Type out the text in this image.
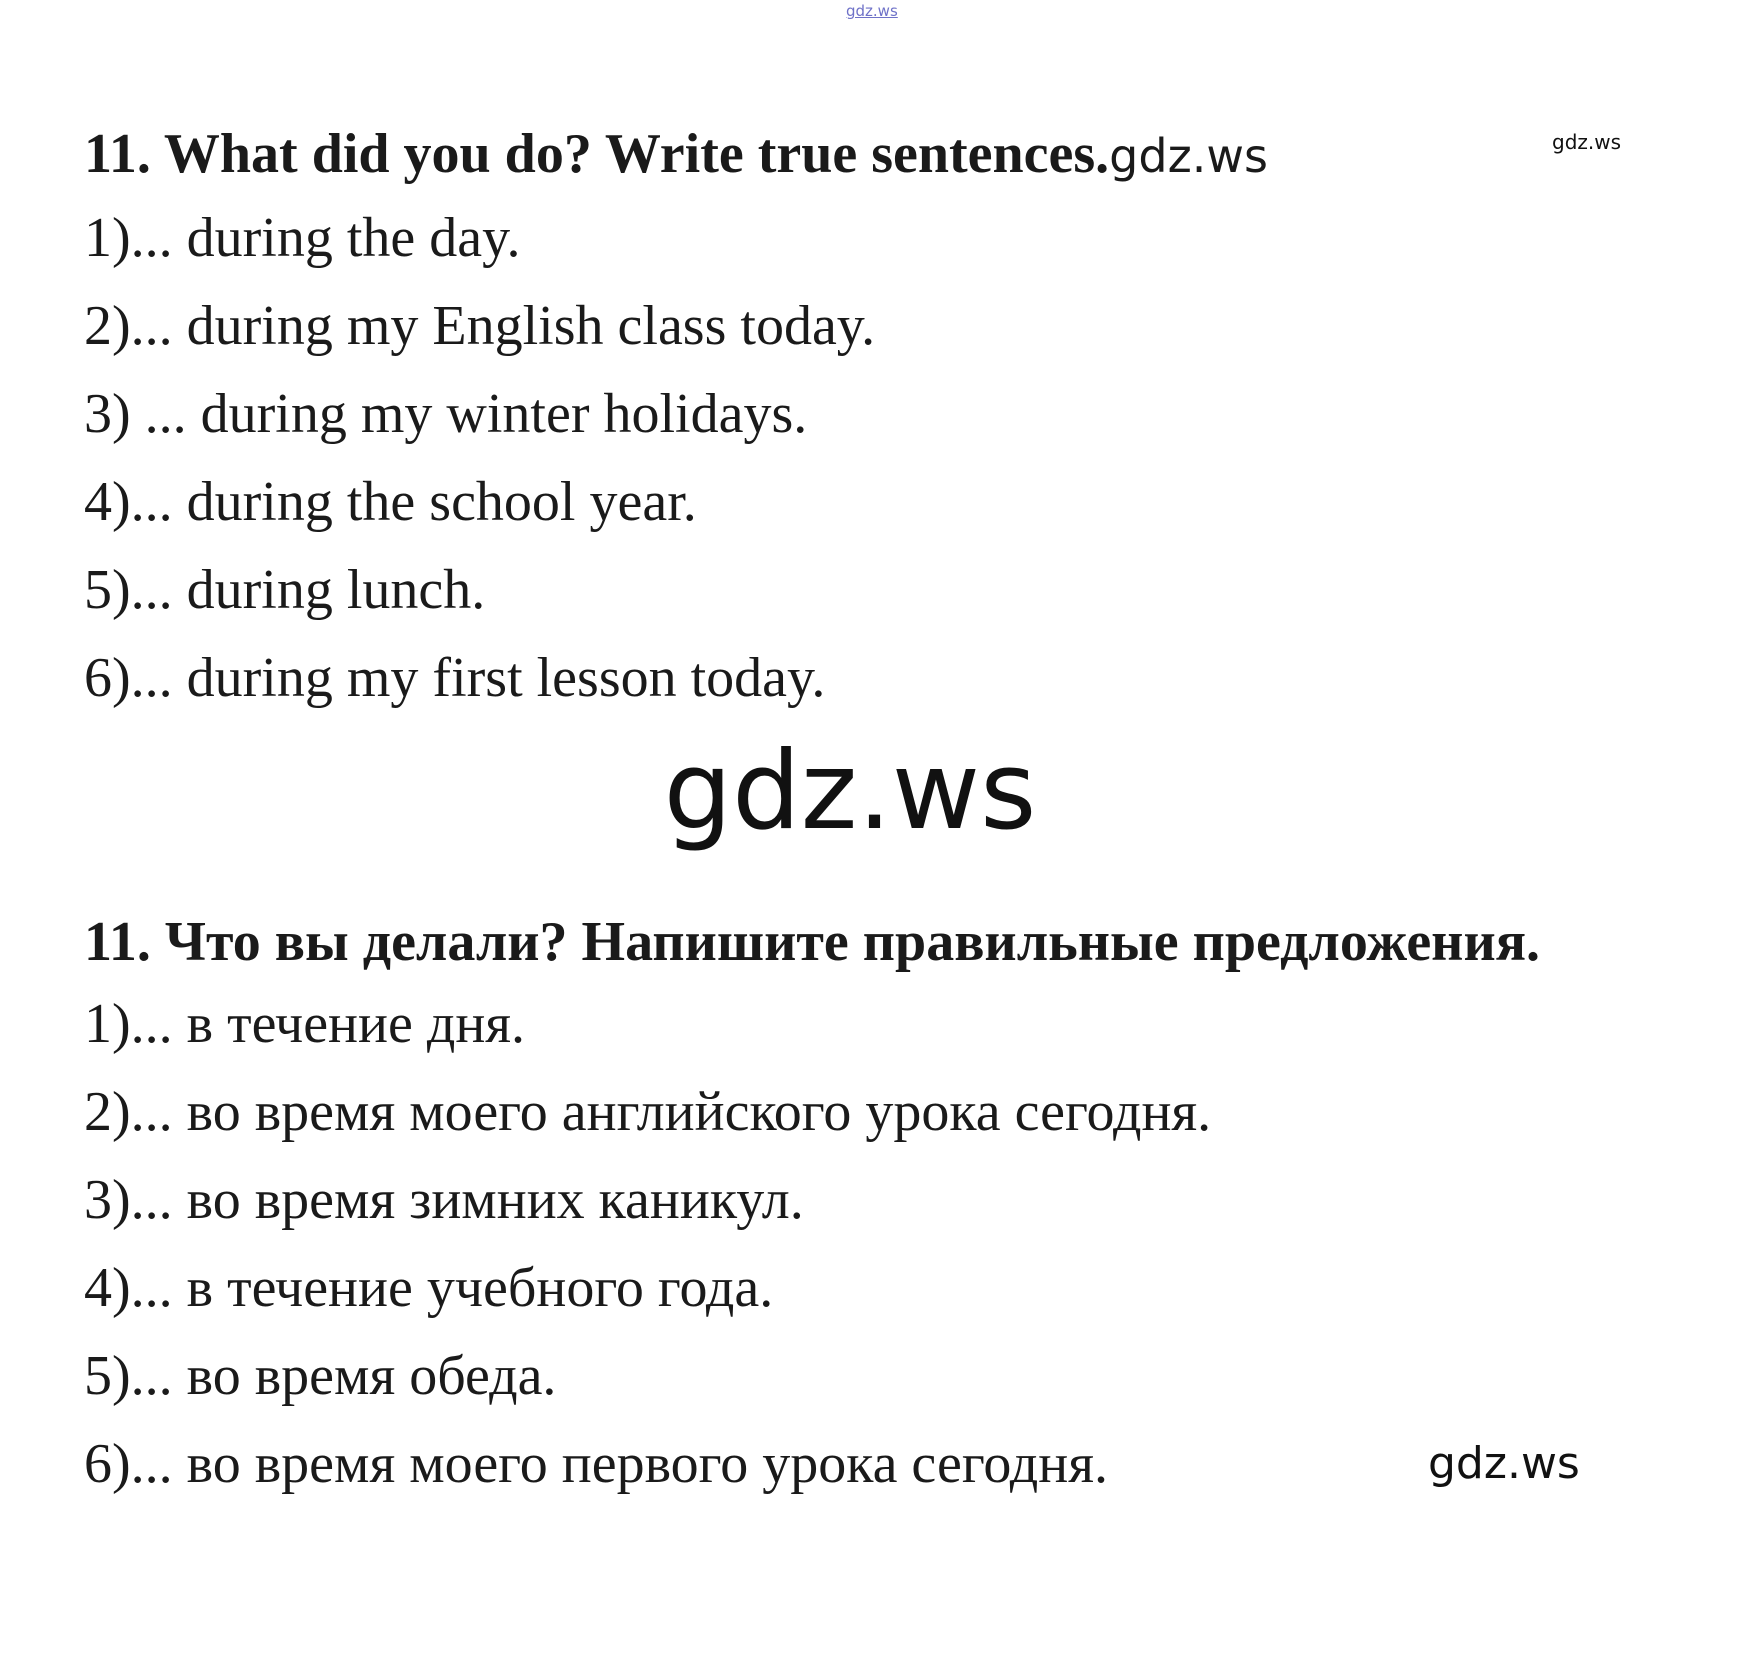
gdz.ws
gdz.ws
11. What did you do? Write true sentences.gdz.ws
1)... during the day.
2)... during my English class today.
3) ... during my winter holidays.
4)... during the school year.
5)... during lunch.
6)... during my first lesson today.
gdz.ws
11. Что вы делали? Напишите правильные предложения.
1)... в течение дня.
2)... во время моего английского урока сегодня.
3)... во время зимних каникул.
4)... в течение учебного года.
5)... во время обеда.
6)... во время моего первого урока сегодня.	gdz.ws
